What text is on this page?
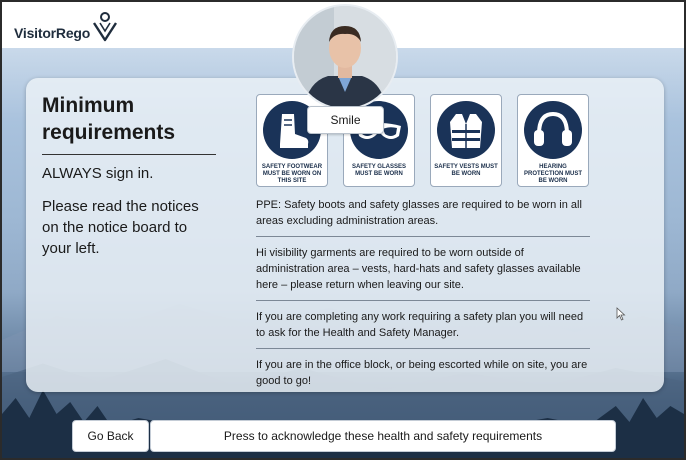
VisitorRego
Minimum requirements
ALWAYS sign in.
Please read the notices on the notice board to your left.
SAFETY FOOTWEAR MUST BE WORN ON THIS SITE
SAFETY GLASSES MUST BE WORN
SAFETY VESTS MUST BE WORN
HEARING PROTECTION MUST BE WORN
PPE: Safety boots and safety glasses are required to be worn in all areas excluding administration areas.
Hi visibility garments are required to be worn outside of administration area – vests, hard-hats and safety glasses available here – please return when leaving our site.
If you are completing any work requiring a safety plan you will need to ask for the Health and Safety Manager.
If you are in the office block, or being escorted while on site, you are good to go!
Smile
Go Back	Press to acknowledge these health and safety requirements
